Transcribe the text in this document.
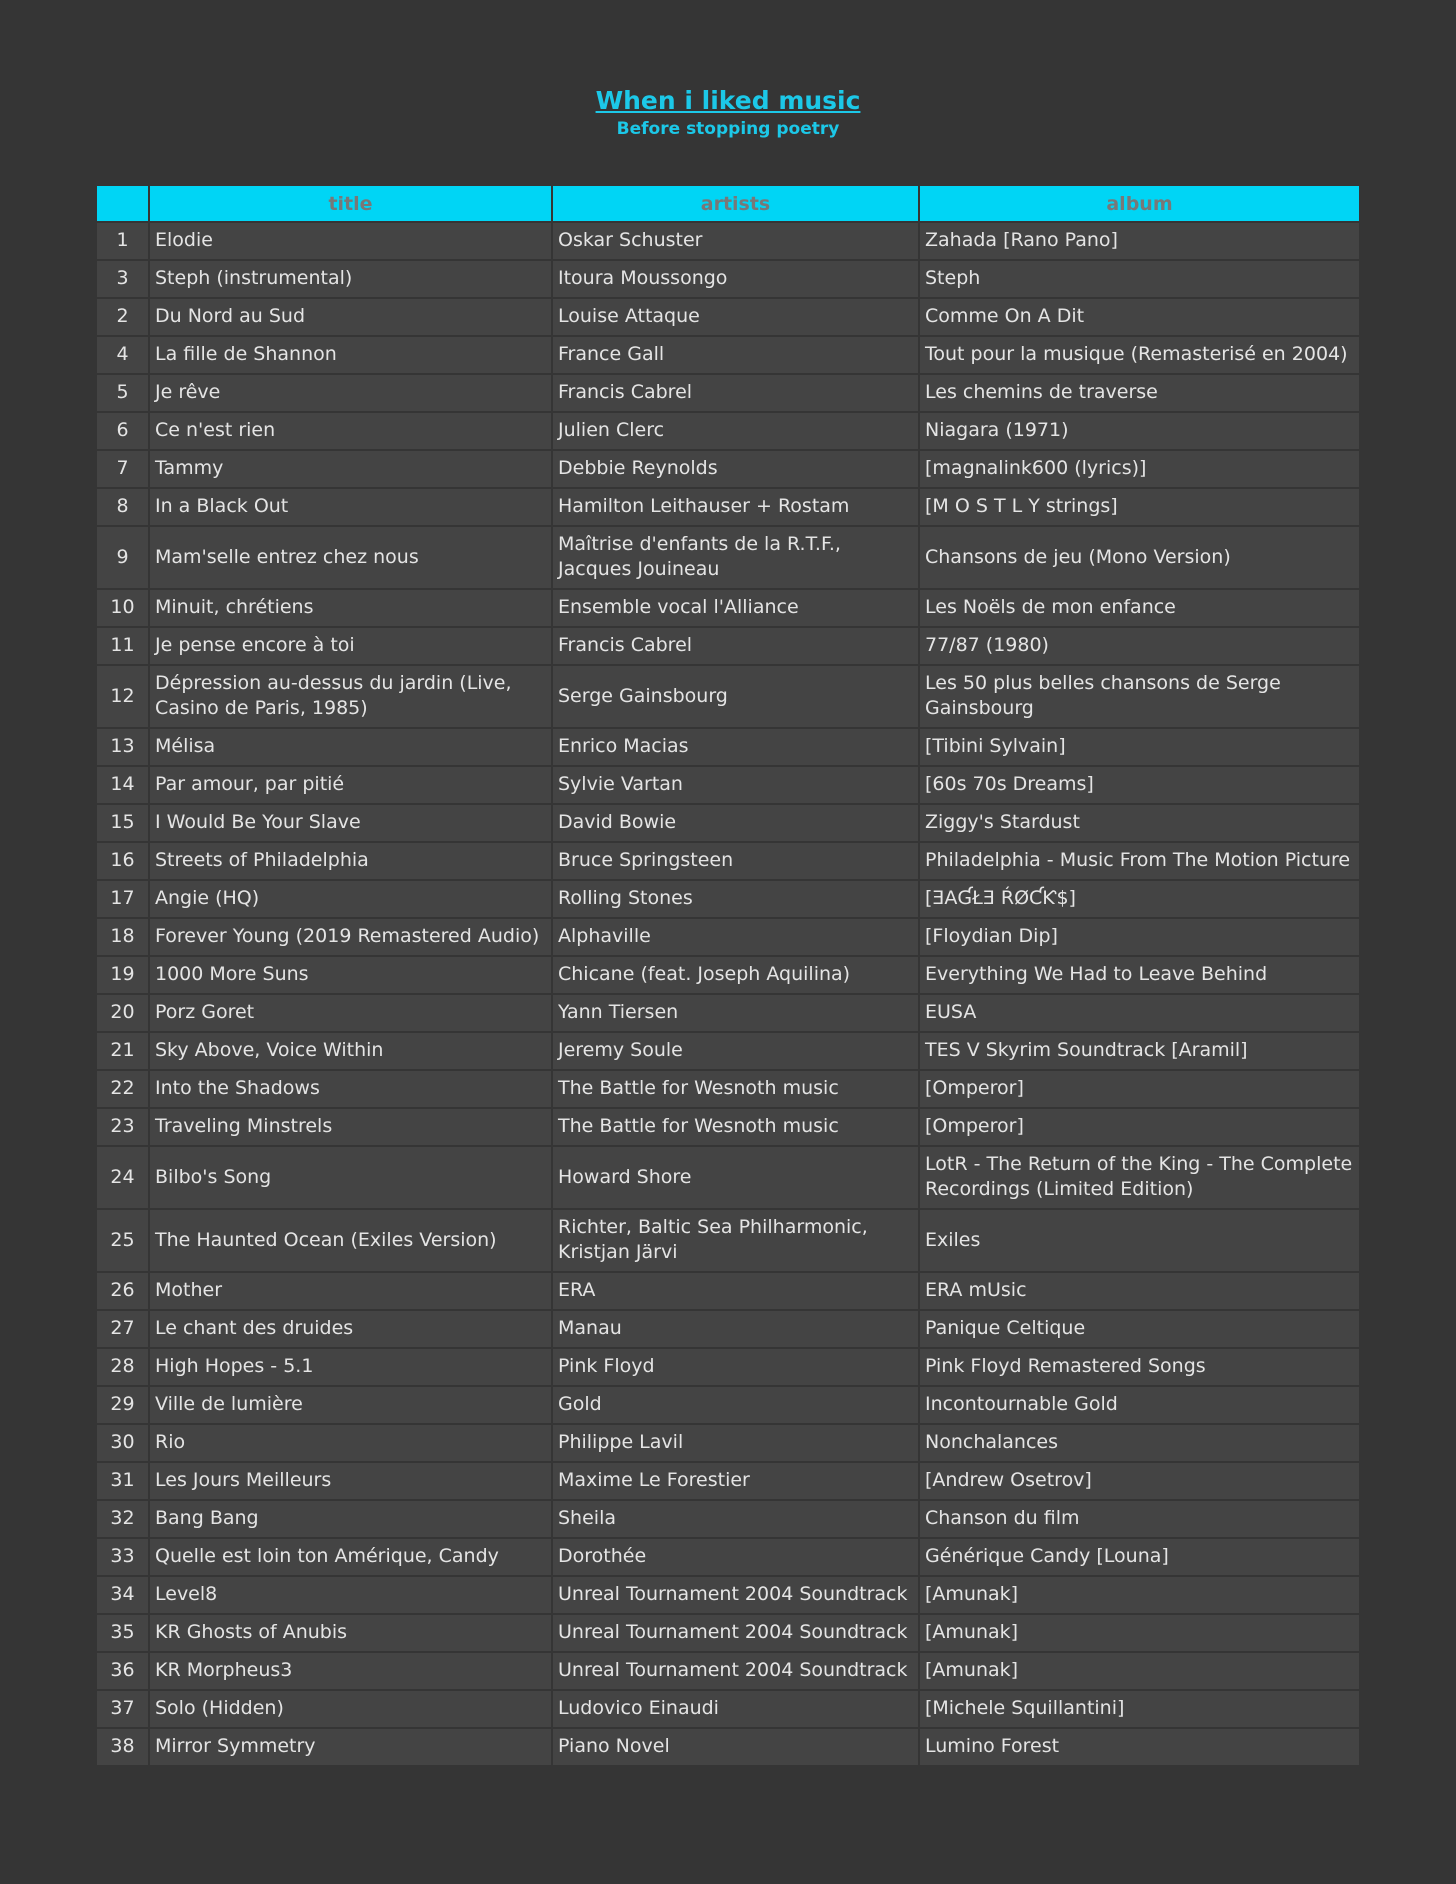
When i liked music
Before stopping poetry
	title	artists	album
1	Elodie	Oskar Schuster	Zahada [Rano Pano]
3	Steph (instrumental)	Itoura Moussongo	Steph
2	Du Nord au Sud	Louise Attaque	Comme On A Dit
4	La fille de Shannon	France Gall	Tout pour la musique (Remasterisé en 2004)
5	Je rêve	Francis Cabrel	Les chemins de traverse
6	Ce n'est rien	Julien Clerc	Niagara (1971)
7	Tammy	Debbie Reynolds	[magnalink600 (lyrics)]
8	In a Black Out	Hamilton Leithauser + Rostam	[M O S T L Y strings]
9	Mam'selle entrez chez nous	Maîtrise d'enfants de la R.T.F., Jacques Jouineau	Chansons de jeu (Mono Version)
10	Minuit, chrétiens	Ensemble vocal l'Alliance	Les Noëls de mon enfance
11	Je pense encore à toi	Francis Cabrel	77/87 (1980)
12	Dépression au-dessus du jardin (Live, Casino de Paris, 1985)	Serge Gainsbourg	Les 50 plus belles chansons de Serge Gainsbourg
13	Mélisa	Enrico Macias	[Tibini Sylvain]
14	Par amour, par pitié	Sylvie Vartan	[60s 70s Dreams]
15	I Would Be Your Slave	David Bowie	Ziggy's Stardust
16	Streets of Philadelphia	Bruce Springsteen	Philadelphia - Music From The Motion Picture
17	Angie (HQ)	Rolling Stones	[ƎAƓŁƎ ŔØƇƘ$]
18	Forever Young (2019 Remastered Audio)	Alphaville	[Floydian Dip]
19	1000 More Suns	Chicane (feat. Joseph Aquilina)	Everything We Had to Leave Behind
20	Porz Goret	Yann Tiersen	EUSA
21	Sky Above, Voice Within	Jeremy Soule	TES V Skyrim Soundtrack [Aramil]
22	Into the Shadows	The Battle for Wesnoth music	[Omperor]
23	Traveling Minstrels	The Battle for Wesnoth music	[Omperor]
24	Bilbo's Song	Howard Shore	LotR - The Return of the King - The Complete Recordings (Limited Edition)
25	The Haunted Ocean (Exiles Version)	Richter, Baltic Sea Philharmonic, Kristjan Järvi	Exiles
26	Mother	ERA	ERA mUsic
27	Le chant des druides	Manau	Panique Celtique
28	High Hopes - 5.1	Pink Floyd	Pink Floyd Remastered Songs
29	Ville de lumière	Gold	Incontournable Gold
30	Rio	Philippe Lavil	Nonchalances
31	Les Jours Meilleurs	Maxime Le Forestier	[Andrew Osetrov]
32	Bang Bang	Sheila	Chanson du film
33	Quelle est loin ton Amérique, Candy	Dorothée	Générique Candy [Louna]
34	Level8	Unreal Tournament 2004 Soundtrack	[Amunak]
35	KR Ghosts of Anubis	Unreal Tournament 2004 Soundtrack	[Amunak]
36	KR Morpheus3	Unreal Tournament 2004 Soundtrack	[Amunak]
37	Solo (Hidden)	Ludovico Einaudi	[Michele Squillantini]
38	Mirror Symmetry	Piano Novel	Lumino Forest
